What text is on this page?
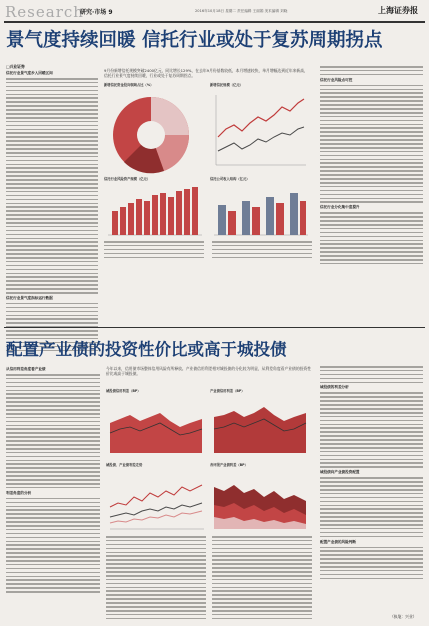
Research
研究·市场 9	2016年10月18日 星期二 责任编辑 王丽娟 美术编辑 刘晓	上海证券报
景气度持续回暖 信托行业或处于复苏周期拐点
□兴业证券
信托行业景气度步入回暖区间
信托行业景气度指标运行数据
9月份新增信托规模突破2400亿元，同比增长129%，在去年9月份基数较低，本月增速较快，单月增幅达到近年来新高，信托行业景气度持续回暖，行业或处于复苏周期拐点。
新增信托资金投向领域占比（%）	新增信托规模（亿元）
信托行业风险资产规模（亿元）	信托公司收入结构（亿元）
信托行业风险点可控
信托行业分化集中度提升
配置产业债的投资性价比或高于城投债
从信用利差角度看产业债
利差角度的分析
今年以来，信用债市场整体信用风险有所释放。产业债信用利差相对城投债的分化较为明显，从利差角度看产业债的投资性价比或高于城投债。
城投债信用利差（BP）	产业债信用利差（BP）
城投债、产业债利差走势	各评级产业债利差（BP）
城投债的利差分析
城投债向产业债投资配置
配置产业债的风险判断
（执笔：兴业）
